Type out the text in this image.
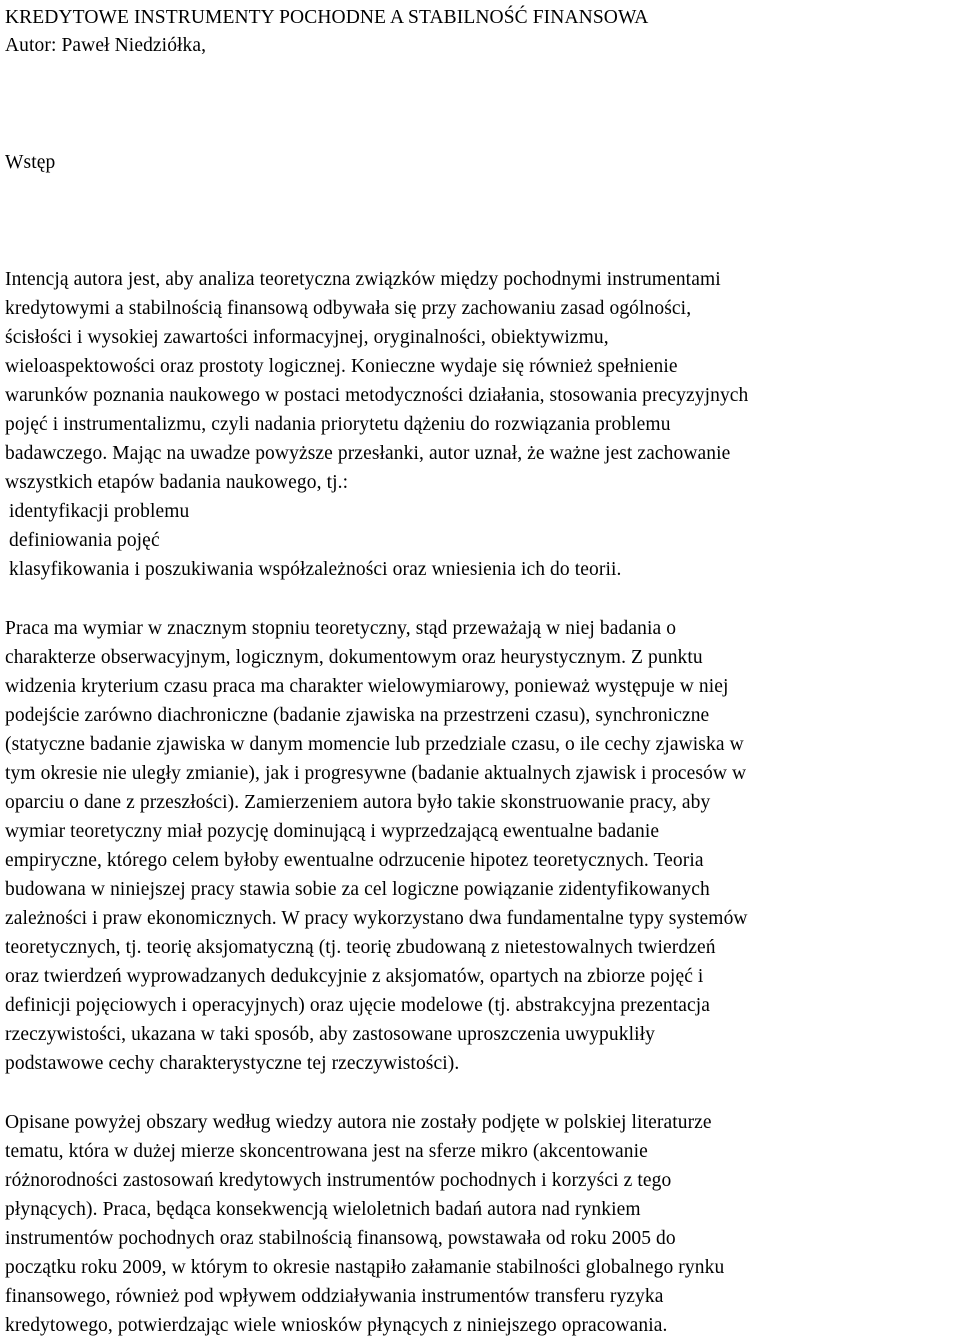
KREDYTOWE INSTRUMENTY POCHODNE A STABILNOŚĆ FINANSOWA

Autor: Paweł Niedziółka,

Wstęp

Intencją autora jest, aby analiza teoretyczna związków między pochodnymi instrumentami

kredytowymi a stabilnością finansową odbywała się przy zachowaniu zasad ogólności,

ścisłości i wysokiej zawartości informacyjnej, oryginalności, obiektywizmu,

wieloaspektowości oraz prostoty logicznej. Konieczne wydaje się również spełnienie

warunków poznania naukowego w postaci metodyczności działania, stosowania precyzyjnych

pojęć i instrumentalizmu, czyli nadania priorytetu dążeniu do rozwiązania problemu

badawczego. Mając na uwadze powyższe przesłanki, autor uznał, że ważne jest zachowanie

wszystkich etapów badania naukowego, tj.:

identyfikacji problemu

definiowania pojęć

klasyfikowania i poszukiwania współzależności oraz wniesienia ich do teorii.

Praca ma wymiar w znacznym stopniu teoretyczny, stąd przeważają w niej badania o

charakterze obserwacyjnym, logicznym, dokumentowym oraz heurystycznym. Z punktu

widzenia kryterium czasu praca ma charakter wielowymiarowy, ponieważ występuje w niej

podejście zarówno diachroniczne (badanie zjawiska na przestrzeni czasu), synchroniczne

(statyczne badanie zjawiska w danym momencie lub przedziale czasu, o ile cechy zjawiska w

tym okresie nie uległy zmianie), jak i progresywne (badanie aktualnych zjawisk i procesów w

oparciu o dane z przeszłości). Zamierzeniem autora było takie skonstruowanie pracy, aby

wymiar teoretyczny miał pozycję dominującą i wyprzedzającą ewentualne badanie

empiryczne, którego celem byłoby ewentualne odrzucenie hipotez teoretycznych. Teoria

budowana w niniejszej pracy stawia sobie za cel logiczne powiązanie zidentyfikowanych

zależności i praw ekonomicznych. W pracy wykorzystano dwa fundamentalne typy systemów

teoretycznych, tj. teorię aksjomatyczną (tj. teorię zbudowaną z nietestowalnych twierdzeń

oraz twierdzeń wyprowadzanych dedukcyjnie z aksjomatów, opartych na zbiorze pojęć i

definicji pojęciowych i operacyjnych) oraz ujęcie modelowe (tj. abstrakcyjna prezentacja

rzeczywistości, ukazana w taki sposób, aby zastosowane uproszczenia uwypukliły

podstawowe cechy charakterystyczne tej rzeczywistości).

Opisane powyżej obszary według wiedzy autora nie zostały podjęte w polskiej literaturze

tematu, która w dużej mierze skoncentrowana jest na sferze mikro (akcentowanie

różnorodności zastosowań kredytowych instrumentów pochodnych i korzyści z tego

płynących). Praca, będąca konsekwencją wieloletnich badań autora nad rynkiem

instrumentów pochodnych oraz stabilnością finansową, powstawała od roku 2005 do

początku roku 2009, w którym to okresie nastąpiło załamanie stabilności globalnego rynku

finansowego, również pod wpływem oddziaływania instrumentów transferu ryzyka

kredytowego, potwierdzając wiele wniosków płynących z niniejszego opracowania.
